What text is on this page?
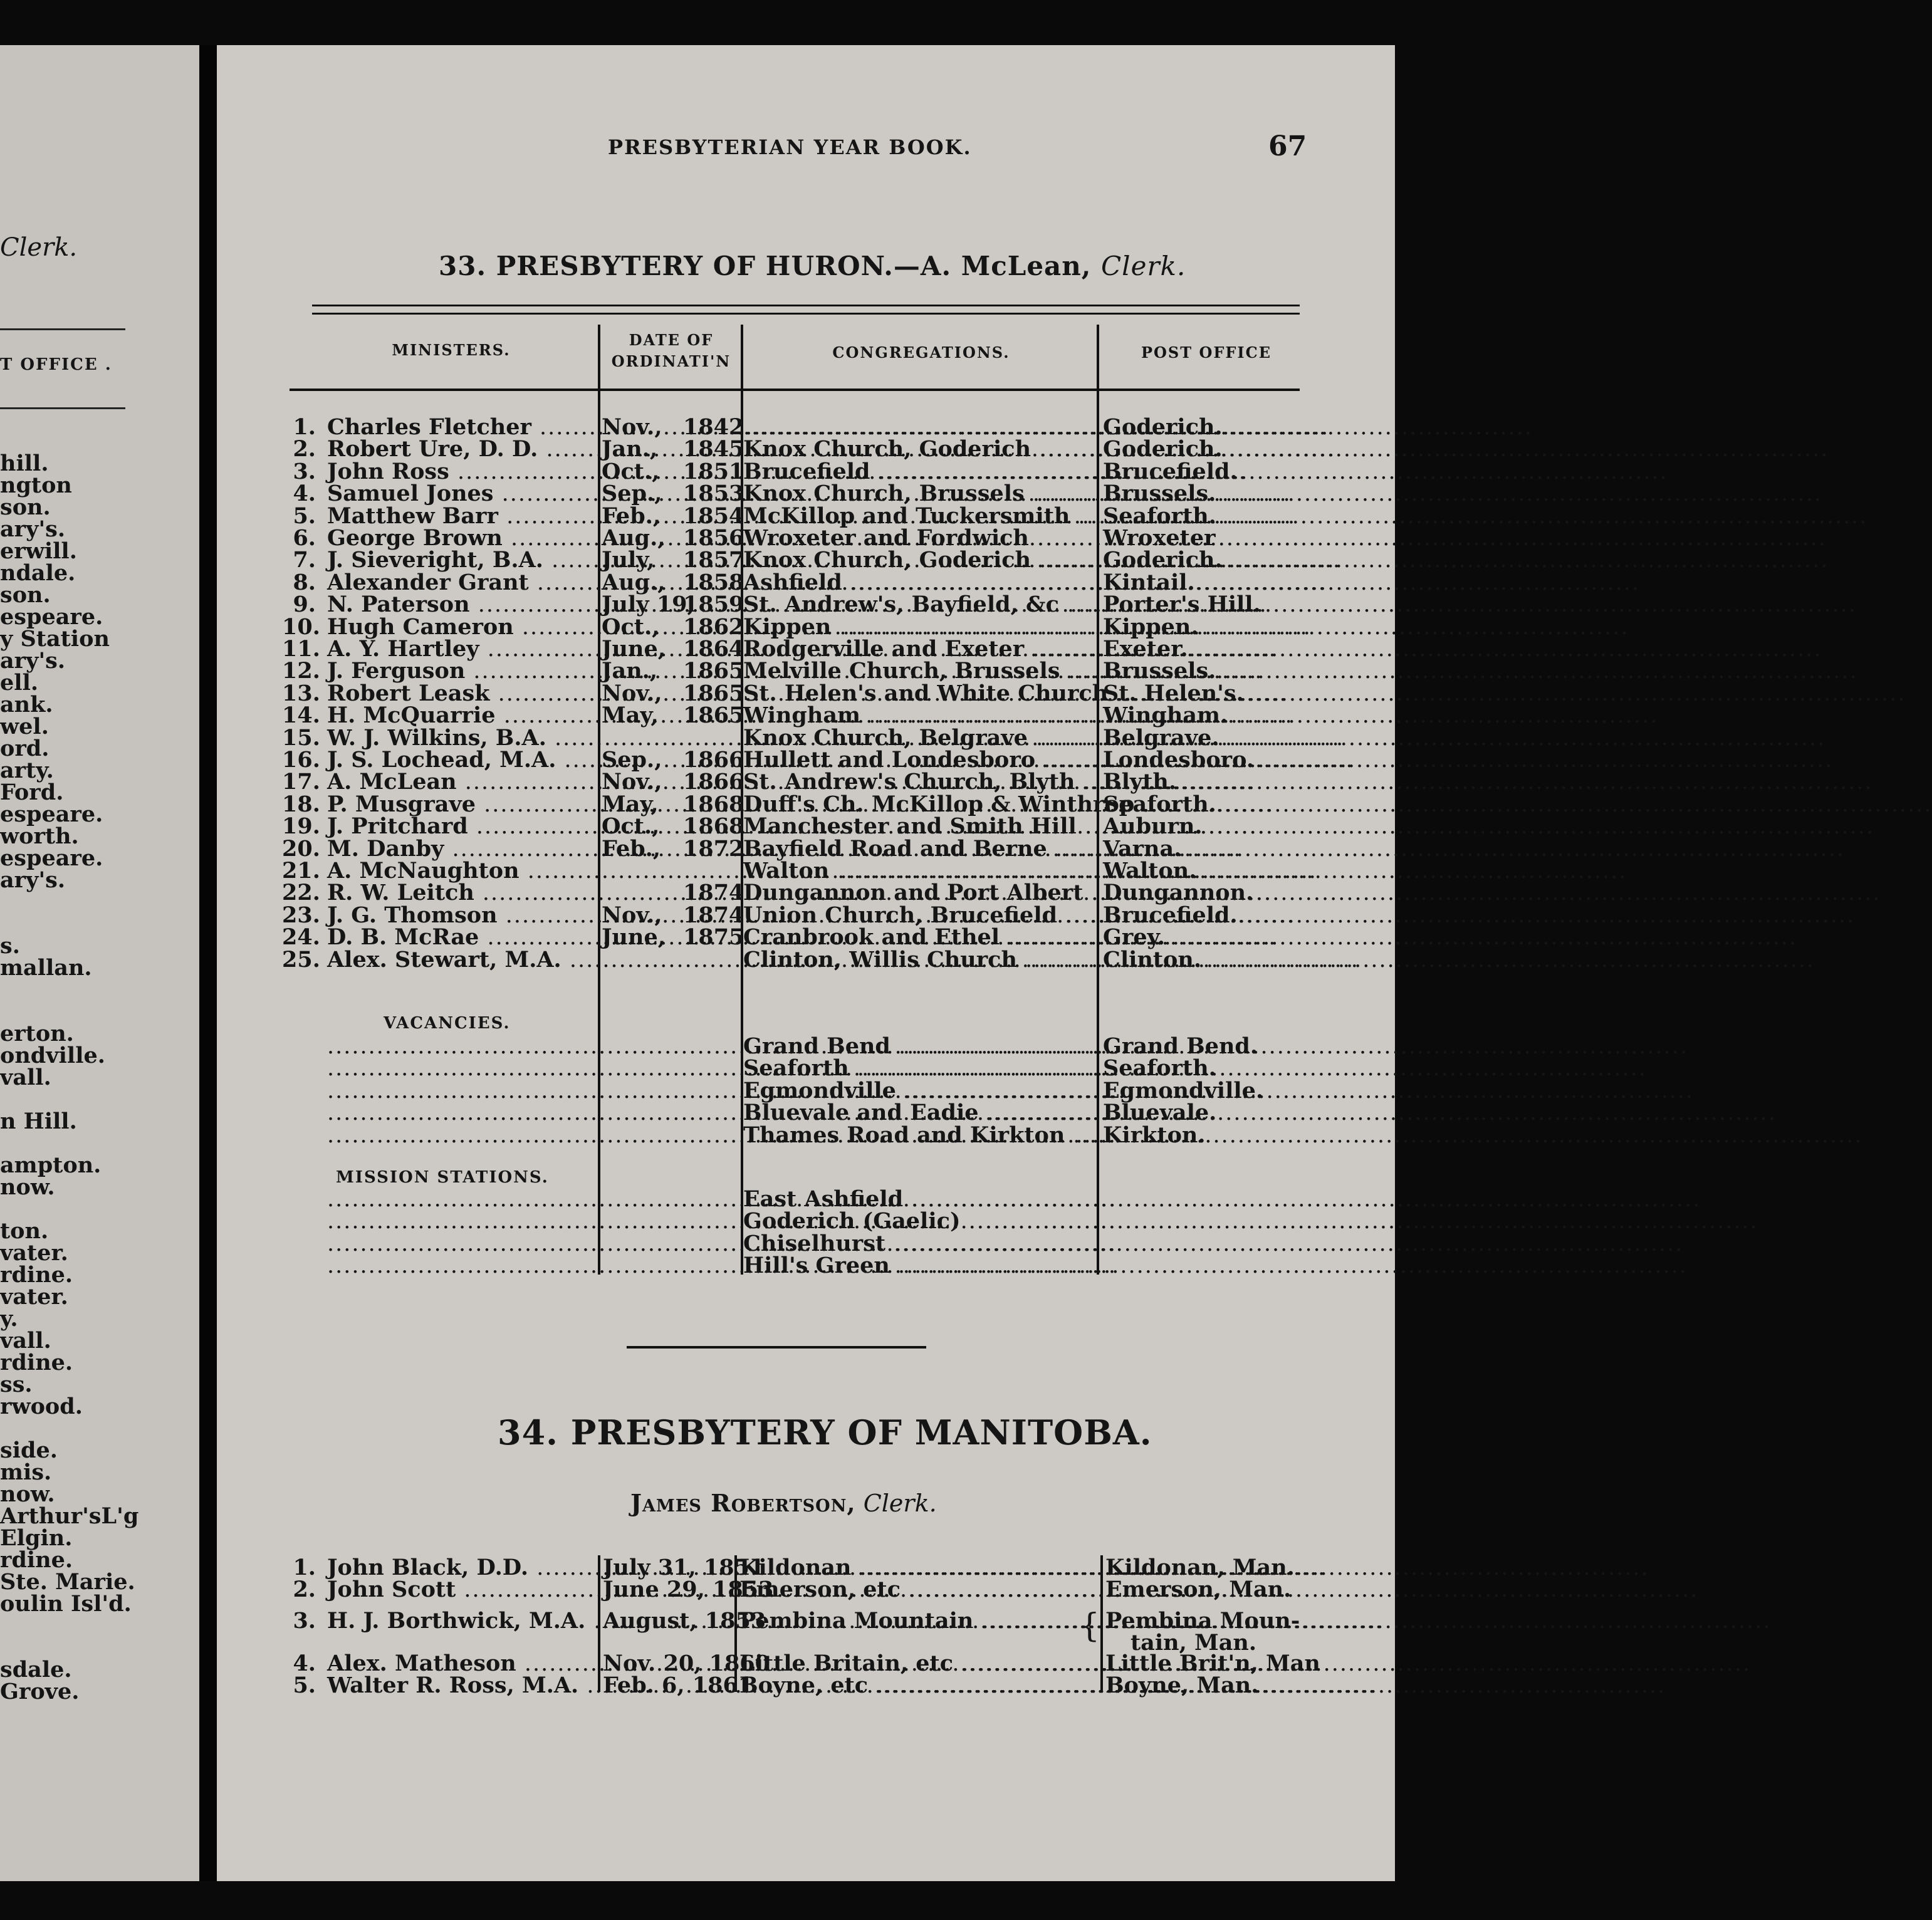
Clerk.
T OFFICE .
hill.
ngton
son.
ary's.
erwill.
ndale.
son.
espeare.
y Station
ary's.
ell.
ank.
wel.
ord.
arty.
Ford.
espeare.
worth.
espeare.
ary's.
s.
mallan.
erton.
ondville.
vall.
n Hill.
ampton.
now.
ton.
vater.
rdine.
vater.
y.
vall.
rdine.
ss.
rwood.
side.
mis.
now.
Arthur'sL'g
Elgin.
rdine.
Ste. Marie.
oulin Isl'd.
sdale.
Grove.
PRESBYTERIAN YEAR BOOK.	67
33. PRESBYTERY OF HURON.—A. McLean, Clerk.
MINISTERS.
DATE OF
ORDINATI'N	CONGREGATIONS.	POST OFFICE
1. Charles Fletcher .....	Nov., 1842
.....	Goderich.
2. Robert Ure, D. D. .....	Jan.,	1845
Knox Church, Goderich .....	Goderich.
3. John Ross .....	Oct.,	1851
Brucefield .....	Brucefield.
4. Samuel Jones .....	Sep., 1853
Knox Church, Brussels .....	Brussels.
5. Matthew Barr .....	Feb.,	1854
McKillop and Tuckersmith .....	Seaforth.
6. George Brown .....	Aug., 1856
Wroxeter and Fordwich .....	Wroxeter
7. J. Sieveright, B.A. .....	July,	1857
Knox Church, Goderich .....	Goderich.
8. Alexander Grant .....	Aug., 1858
Ashfield .....	Kintail.
9. N. Paterson .....	July 19,
1859
St. Andrew's, Bayfield, &c .....	Porter's Hill.
10. Hugh Cameron .....	Oct.,	1862
Kippen .....	Kippen.
11. A. Y. Hartley .....	June, 1864
Rodgerville and Exeter .....	Exeter.
12. J. Ferguson .....	Jan.,	1865
Melville Church, Brussels .....	Brussels.
13. Robert Leask .....	Nov., 1865
St. Helen's and White Church .....
St. Helen's.
14. H. McQuarrie .....	May,	1865
Wingham .....	Wingham.
15. W. J. Wilkins, B.A. .....	Knox Church, Belgrave .....	Belgrave.
16. J. S. Lochead, M.A. .....	Sep., 1866
Hullett and Londesboro .....	Londesboro.
17. A. McLean .....	Nov., 1866
St. Andrew's Church, Blyth .....	Blyth.
18. P. Musgrave .....	May,	1868
Duff's Ch. McKillop & Winthrop .....
Seaforth.
19. J. Pritchard .....	Oct.,	1868
Manchester and Smith Hill .....	Auburn.
20. M. Danby .....	Feb.,	1872
Bayfield Road and Berne .....	Varna.
21. A. McNaughton .....	Walton .....	Walton.
22. R. W. Leitch .....	1874
Dungannon and Port Albert ..... Dungannon.
23. J. G. Thomson .....	Nov., 1874
Union Church, Brucefield .....	Brucefield.
24. D. B. McRae .....	June, 1875
Cranbrook and Ethel .....	Grey.
25. Alex. Stewart, M.A. .....	Clinton, Willis Church .....	Clinton.
VACANCIES.
.....
Grand Bend .....	Grand Bend.
.....
Seaforth .....	Seaforth.
.....
Egmondville .....	Egmondville.
.....
Bluevale and Eadie .....	Bluevale.
.....
Thames Road and Kirkton .....	Kirkton.
MISSION STATIONS.
.....
East Ashfield .....
.....
Goderich (Gaelic) .....
.....
Chiselhurst .....
.....
Hill's Green .....
34. PRESBYTERY OF MANITOBA.
James Robertson, Clerk.
1. John Black, D.D. .....	July 31, 1851
Kildonan .....	Kildonan, Man.
2. John Scott .....	June 29, 1853
Emerson, etc .....	Emerson, Man.
3. H. J. Borthwick, M.A. ..... August, 1853
Pembina Mountain .....	Pembina Moun-
tain, Man.
{
4. Alex. Matheson .....	Nov. 20, 1860
Little Britain, etc .....	Little Brit'n, Man
5. Walter R. Ross, M.A. .....	Feb. 6, 1861
Boyne, etc .....	Boyne, Man.
